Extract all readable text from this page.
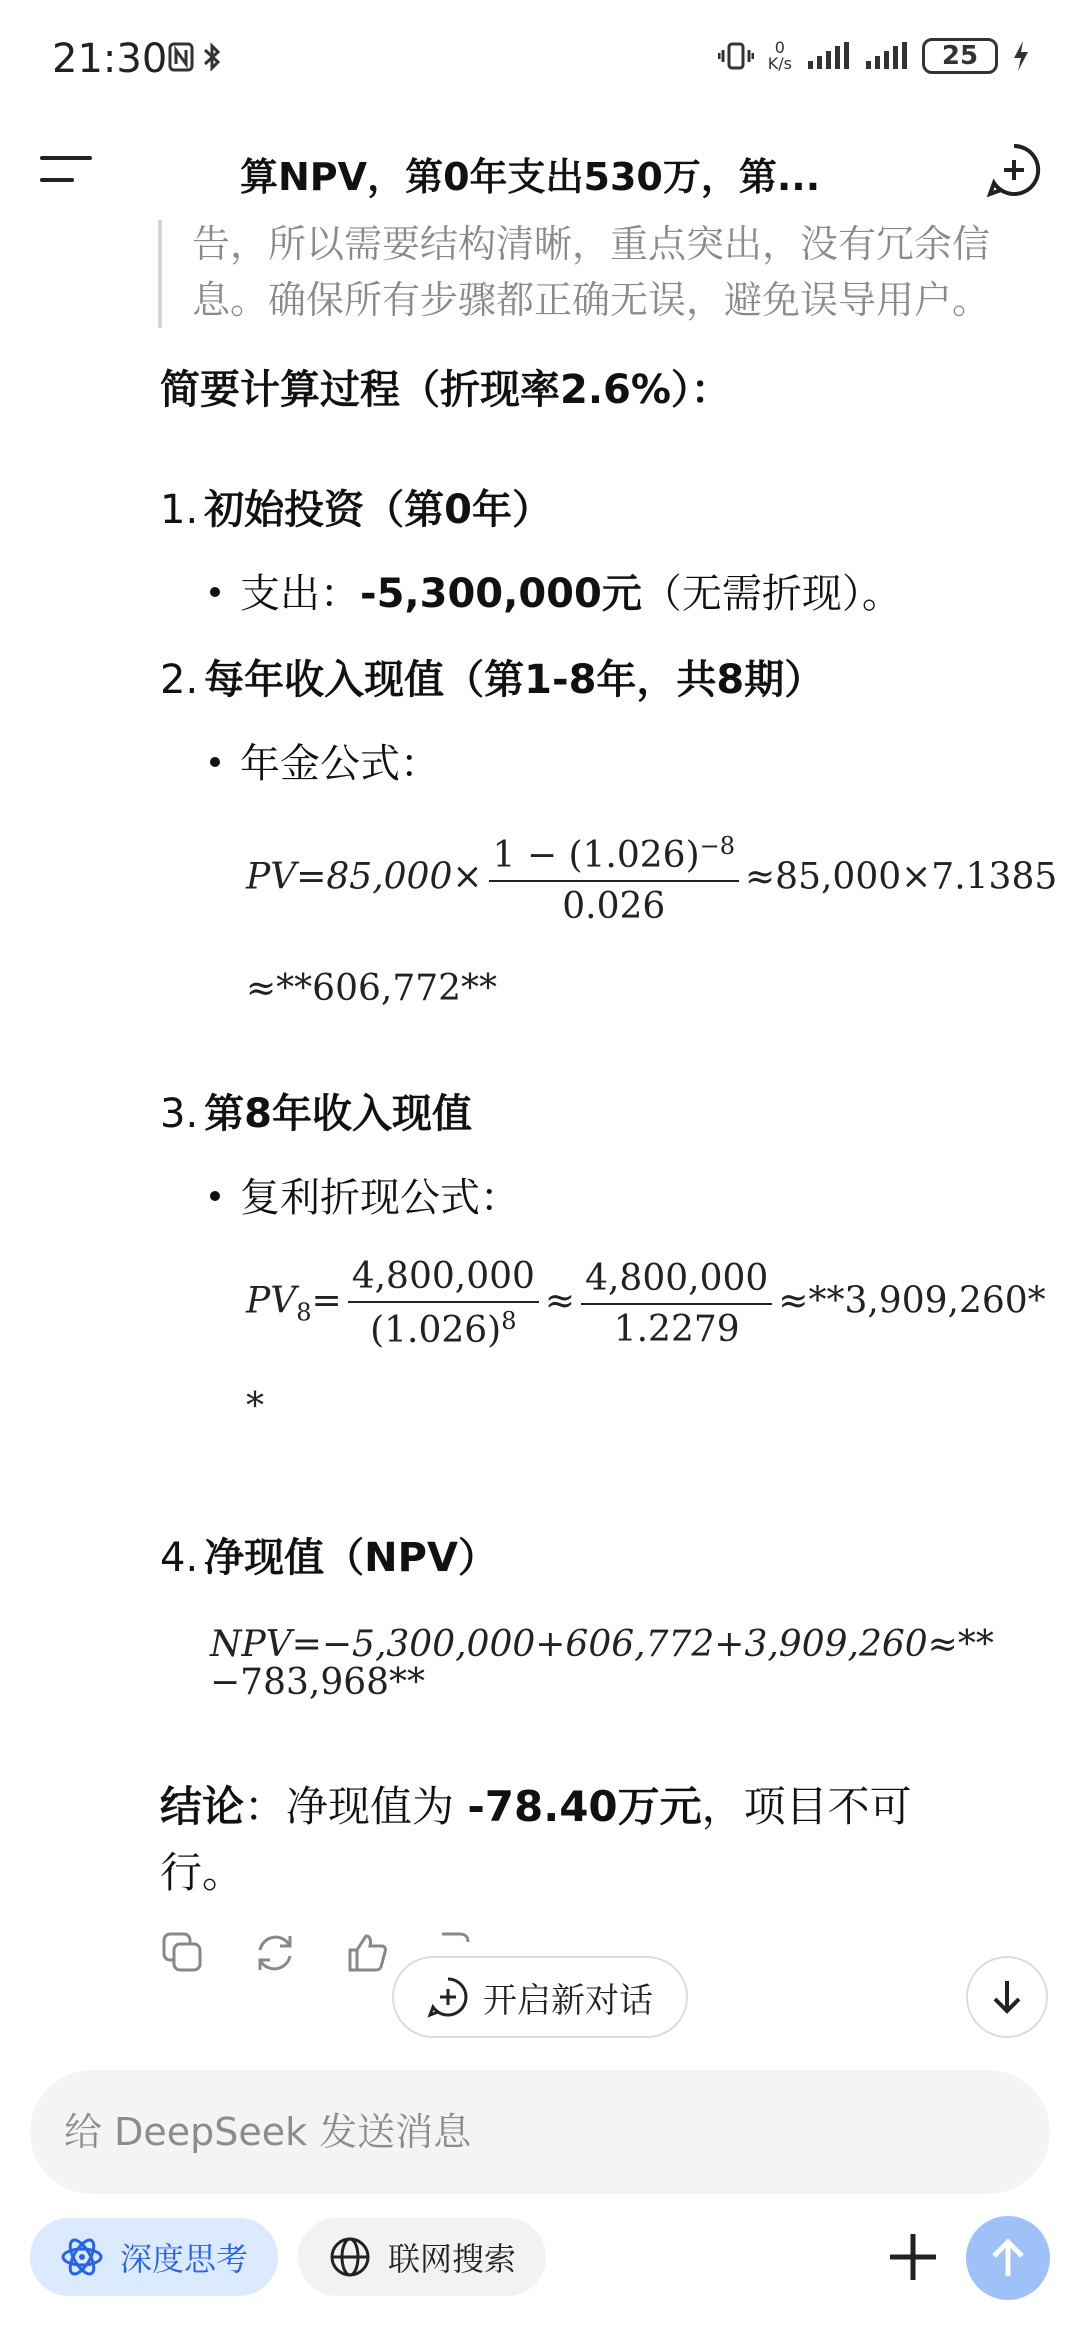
21:30	0
K/s	25
算NPV，第0年支出530万，第...
告，所以需要结构清晰，重点突出，没有冗余信息。确保所有步骤都正确无误，避免误导用户。
简要计算过程（折现率2.6%）：
1. 初始投资（第0年）
支出：-5,300,000元（无需折现）。
2. 每年收入现值（第1-8年，共8期）
年金公式：
$PV=85,000\times \frac{1 - (1.026)^{-8}}{0.026} \approx 85,000\times 7.1385$
≈**606,772**
3. 第8年收入现值
复利折现公式：
$PV_8= \frac{4,800,000}{(1.026)^8} \approx \frac{4,800,000}{1.2279} \approx**3,909,260*$
*
4. 净现值（NPV）
NPV=−5,300,000+606,772+3,909,260≈**
−783,968**
结论：净现值为 -78.40万元，项目不可行。
开启新对话
给 DeepSeek 发送消息
深度思考	联网搜索
